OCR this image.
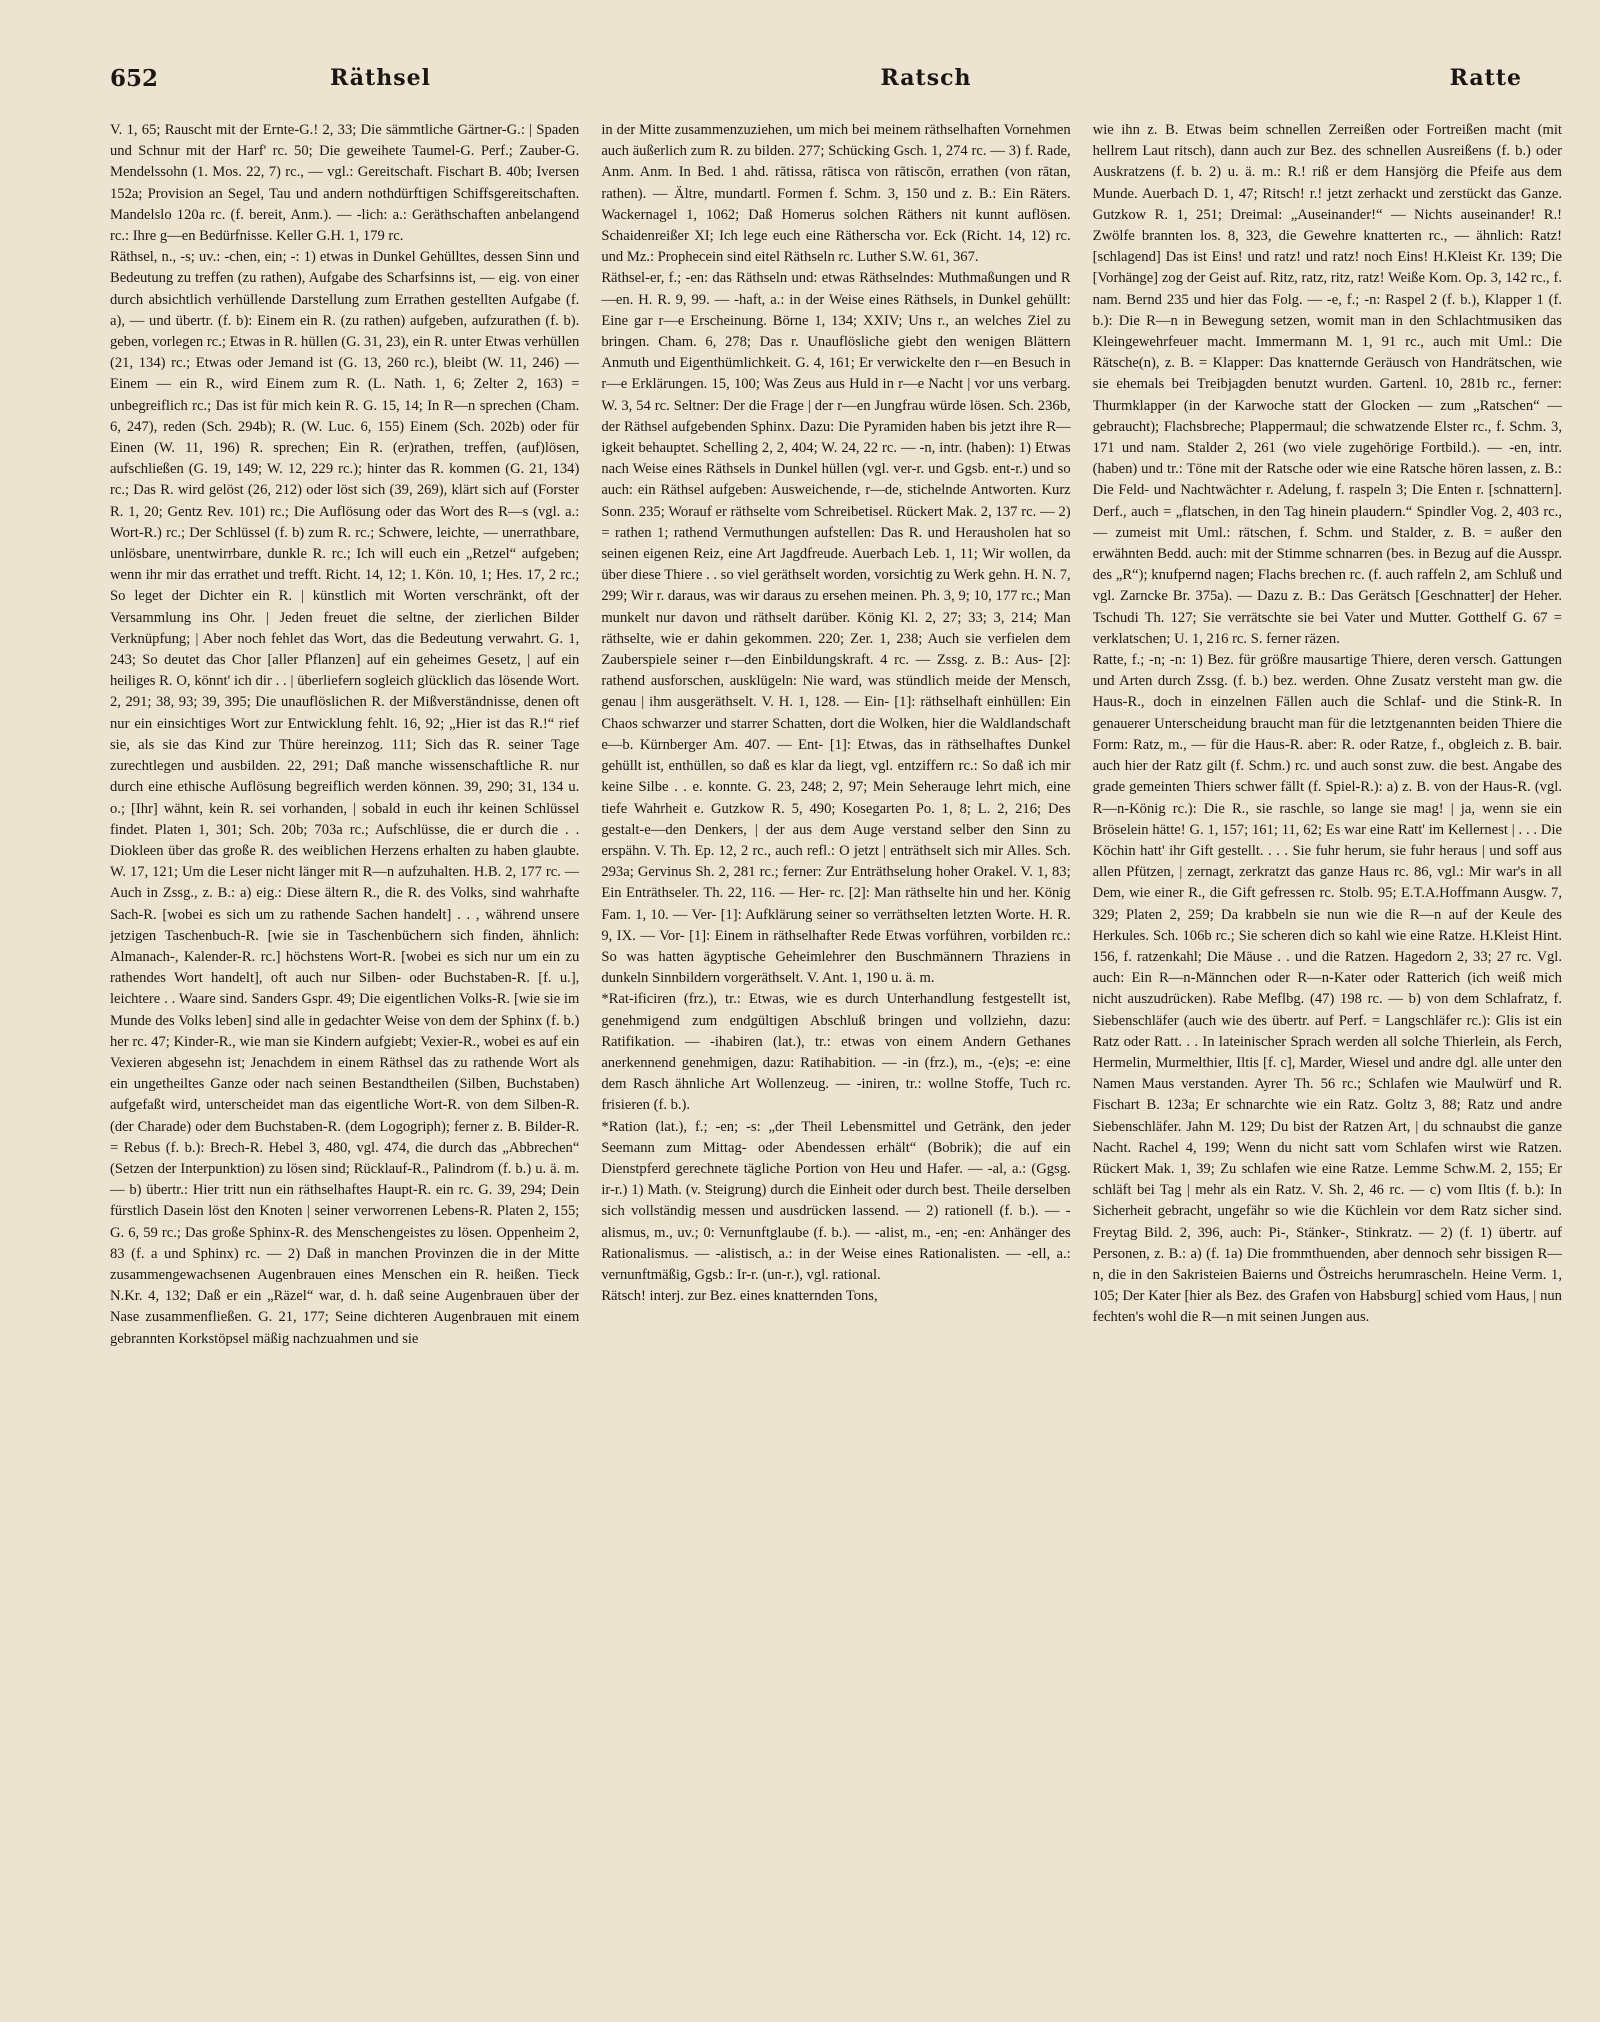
652	Räthsel	Ratsch	Ratte

V. 1, 65; Rauscht mit der Ernte-G.! 2, 33; Die sämmtliche Gärtner-G.: | Spaden und Schnur mit der Harf' rc. 50; Die geweihete Taumel-G. Perf.; Zauber-G. Mendelssohn (1. Mos. 22, 7) rc., — vgl.: Gereitschaft. Fischart B. 40b; Iversen 152a; Provision an Segel, Tau und andern nothdürftigen Schiffsgereitschaften. Mandelslo 120a rc. (f. bereit, Anm.). — -lich: a.: Geräthschaften anbelangend rc.: Ihre g—en Bedürfnisse. Keller G.H. 1, 179 rc.

Räthsel, n., -s; uv.: -chen, ein; -: 1) etwas in Dunkel Gehülltes, dessen Sinn und Bedeutung zu treffen (zu rathen), Aufgabe des Scharfsinns ist, — eig. von einer durch absichtlich verhüllende Darstellung zum Errathen gestellten Aufgabe (f. a), — und übertr. (f. b): Einem ein R. (zu rathen) aufgeben, aufzurathen (f. b). geben, vorlegen rc.; Etwas in R. hüllen (G. 31, 23), ein R. unter Etwas verhüllen (21, 134) rc.; Etwas oder Jemand ist (G. 13, 260 rc.), bleibt (W. 11, 246) — Einem — ein R., wird Einem zum R. (L. Nath. 1, 6; Zelter 2, 163) = unbegreiflich rc.; Das ist für mich kein R. G. 15, 14; In R—n sprechen (Cham. 6, 247), reden (Sch. 294b); R. (W. Luc. 6, 155) Einem (Sch. 202b) oder für Einen (W. 11, 196) R. sprechen; Ein R. (er)rathen, treffen, (auf)lösen, aufschließen (G. 19, 149; W. 12, 229 rc.); hinter das R. kommen (G. 21, 134) rc.; Das R. wird gelöst (26, 212) oder löst sich (39, 269), klärt sich auf (Forster R. 1, 20; Gentz Rev. 101) rc.; Die Auflösung oder das Wort des R—s (vgl. a.: Wort-R.) rc.; Der Schlüssel (f. b) zum R. rc.; Schwere, leichte, — unerrathbare, unlösbare, unentwirrbare, dunkle R. rc.; Ich will euch ein „Retzel“ aufgeben; wenn ihr mir das errathet und trefft. Richt. 14, 12; 1. Kön. 10, 1; Hes. 17, 2 rc.; So leget der Dichter ein R. | künstlich mit Worten verschränkt, oft der Versammlung ins Ohr. | Jeden freuet die seltne, der zierlichen Bilder Verknüpfung; | Aber noch fehlet das Wort, das die Bedeutung verwahrt. G. 1, 243; So deutet das Chor [aller Pflanzen] auf ein geheimes Gesetz, | auf ein heiliges R. O, könnt' ich dir . . | überliefern sogleich glücklich das lösende Wort. 2, 291; 38, 93; 39, 395; Die unauflöslichen R. der Mißverständnisse, denen oft nur ein einsichtiges Wort zur Entwicklung fehlt. 16, 92; „Hier ist das R.!“ rief sie, als sie das Kind zur Thüre hereinzog. 111; Sich das R. seiner Tage zurechtlegen und ausbilden. 22, 291; Daß manche wissenschaftliche R. nur durch eine ethische Auflösung begreiflich werden können. 39, 290; 31, 134 u. o.; [Ihr] wähnt, kein R. sei vorhanden, | sobald in euch ihr keinen Schlüssel findet. Platen 1, 301; Sch. 20b; 703a rc.; Aufschlüsse, die er durch die . . Diokleen über das große R. des weiblichen Herzens erhalten zu haben glaubte. W. 17, 121; Um die Leser nicht länger mit R—n aufzuhalten. H.B. 2, 177 rc. — Auch in Zssg., z. B.: a) eig.: Diese ältern R., die R. des Volks, sind wahrhafte Sach-R. [wobei es sich um zu rathende Sachen handelt] . . , während unsere jetzigen Taschenbuch-R. [wie sie in Taschenbüchern sich finden, ähnlich: Almanach-, Kalender-R. rc.] höchstens Wort-R. [wobei es sich nur um ein zu rathendes Wort handelt], oft auch nur Silben- oder Buchstaben-R. [f. u.], leichtere . . Waare sind. Sanders Gspr. 49; Die eigentlichen Volks-R. [wie sie im Munde des Volks leben] sind alle in gedachter Weise von dem der Sphinx (f. b.) her rc. 47; Kinder-R., wie man sie Kindern aufgiebt; Vexier-R., wobei es auf ein Vexieren abgesehn ist; Jenachdem in einem Räthsel das zu rathende Wort als ein ungetheiltes Ganze oder nach seinen Bestandtheilen (Silben, Buchstaben) aufgefaßt wird, unterscheidet man das eigentliche Wort-R. von dem Silben-R. (der Charade) oder dem Buchstaben-R. (dem Logogriph); ferner z. B. Bilder-R. = Rebus (f. b.): Brech-R. Hebel 3, 480, vgl. 474, die durch das „Abbrechen“ (Setzen der Interpunktion) zu lösen sind; Rücklauf-R., Palindrom (f. b.) u. ä. m. — b) übertr.: Hier tritt nun ein räthselhaftes Haupt-R. ein rc. G. 39, 294; Dein fürstlich Dasein löst den Knoten | seiner verworrenen Lebens-R. Platen 2, 155; G. 6, 59 rc.; Das große Sphinx-R. des Menschengeistes zu lösen. Oppenheim 2, 83 (f. a und Sphinx) rc. — 2) Daß in manchen Provinzen die in der Mitte zusammengewachsenen Augenbrauen eines Menschen ein R. heißen. Tieck N.Kr. 4, 132; Daß er ein „Räzel“ war, d. h. daß seine Augenbrauen über der Nase zusammenfließen. G. 21, 177; Seine dichteren Augenbrauen mit einem gebrannten Korkstöpsel mäßig nachzuahmen und sie

in der Mitte zusammenzuziehen, um mich bei meinem räthselhaften Vornehmen auch äußerlich zum R. zu bilden. 277; Schücking Gsch. 1, 274 rc. — 3) f. Rade, Anm. Anm. In Bed. 1 ahd. rātissa, rātisca von rātiscōn, errathen (von rātan, rathen). — Ältre, mundartl. Formen f. Schm. 3, 150 und z. B.: Ein Räters. Wackernagel 1, 1062; Daß Homerus solchen Räthers nit kunnt auflösen. Schaidenreißer XI; Ich lege euch eine Rätherscha vor. Eck (Richt. 14, 12) rc. und Mz.: Prophecein sind eitel Räthseln rc. Luther S.W. 61, 367.

Räthsel-er, f.; -en: das Räthseln und: etwas Räthselndes: Muthmaßungen und R—en. H. R. 9, 99. — -haft, a.: in der Weise eines Räthsels, in Dunkel gehüllt: Eine gar r—e Erscheinung. Börne 1, 134; XXIV; Uns r., an welches Ziel zu bringen. Cham. 6, 278; Das r. Unauflösliche giebt den wenigen Blättern Anmuth und Eigenthümlichkeit. G. 4, 161; Er verwickelte den r—en Besuch in r—e Erklärungen. 15, 100; Was Zeus aus Huld in r—e Nacht | vor uns verbarg. W. 3, 54 rc. Seltner: Der die Frage | der r—en Jungfrau würde lösen. Sch. 236b, der Räthsel aufgebenden Sphinx. Dazu: Die Pyramiden haben bis jetzt ihre R—igkeit behauptet. Schelling 2, 2, 404; W. 24, 22 rc. — -n, intr. (haben): 1) Etwas nach Weise eines Räthsels in Dunkel hüllen (vgl. ver-r. und Ggsb. ent-r.) und so auch: ein Räthsel aufgeben: Ausweichende, r—de, stichelnde Antworten. Kurz Sonn. 235; Worauf er räthselte vom Schreibetisel. Rückert Mak. 2, 137 rc. — 2) = rathen 1; rathend Vermuthungen aufstellen: Das R. und Herausholen hat so seinen eigenen Reiz, eine Art Jagdfreude. Auerbach Leb. 1, 11; Wir wollen, da über diese Thiere . . so viel geräthselt worden, vorsichtig zu Werk gehn. H. N. 7, 299; Wir r. daraus, was wir daraus zu ersehen meinen. Ph. 3, 9; 10, 177 rc.; Man munkelt nur davon und räthselt darüber. König Kl. 2, 27; 33; 3, 214; Man räthselte, wie er dahin gekommen. 220; Zer. 1, 238; Auch sie verfielen dem Zauberspiele seiner r—den Einbildungskraft. 4 rc. — Zssg. z. B.: Aus- [2]: rathend ausforschen, ausklügeln: Nie ward, was stündlich meide der Mensch, genau | ihm ausgeräthselt. V. H. 1, 128. — Ein- [1]: räthselhaft einhüllen: Ein Chaos schwarzer und starrer Schatten, dort die Wolken, hier die Waldlandschaft e—b. Kürnberger Am. 407. — Ent- [1]: Etwas, das in räthselhaftes Dunkel gehüllt ist, enthüllen, so daß es klar da liegt, vgl. entziffern rc.: So daß ich mir keine Silbe . . e. konnte. G. 23, 248; 2, 97; Mein Seherauge lehrt mich, eine tiefe Wahrheit e. Gutzkow R. 5, 490; Kosegarten Po. 1, 8; L. 2, 216; Des gestalt-e—den Denkers, | der aus dem Auge verstand selber den Sinn zu erspähn. V. Th. Ep. 12, 2 rc., auch refl.: O jetzt | enträthselt sich mir Alles. Sch. 293a; Gervinus Sh. 2, 281 rc.; ferner: Zur Enträthselung hoher Orakel. V. 1, 83; Ein Enträthseler. Th. 22, 116. — Her- rc. [2]: Man räthselte hin und her. König Fam. 1, 10. — Ver- [1]: Aufklärung seiner so verräthselten letzten Worte. H. R. 9, IX. — Vor- [1]: Einem in räthselhafter Rede Etwas vorführen, vorbilden rc.: So was hatten ägyptische Geheimlehrer den Buschmännern Thraziens in dunkeln Sinnbildern vorgeräthselt. V. Ant. 1, 190 u. ä. m.

*Rat-ificiren (frz.), tr.: Etwas, wie es durch Unterhandlung festgestellt ist, genehmigend zum endgültigen Abschluß bringen und vollziehn, dazu: Ratifikation. — -ihabiren (lat.), tr.: etwas von einem Andern Gethanes anerkennend genehmigen, dazu: Ratihabition. — -in (frz.), m., -(e)s; -e: eine dem Rasch ähnliche Art Wollenzeug. — -iniren, tr.: wollne Stoffe, Tuch rc. frisieren (f. b.).

*Ration (lat.), f.; -en; -s: „der Theil Lebensmittel und Getränk, den jeder Seemann zum Mittag- oder Abendessen erhält“ (Bobrik); die auf ein Dienstpferd gerechnete tägliche Portion von Heu und Hafer. — -al, a.: (Ggsg. ir-r.) 1) Math. (v. Steigrung) durch die Einheit oder durch best. Theile derselben sich vollständig messen und ausdrücken lassend. — 2) rationell (f. b.). — -alismus, m., uv.; 0: Vernunftglaube (f. b.). — -alist, m., -en; -en: Anhänger des Rationalismus. — -alistisch, a.: in der Weise eines Rationalisten. — -ell, a.: vernunftmäßig, Ggsb.: Ir-r. (un-r.), vgl. rational.

Rätsch! interj. zur Bez. eines knatternden Tons,

wie ihn z. B. Etwas beim schnellen Zerreißen oder Fortreißen macht (mit hellrem Laut ritsch), dann auch zur Bez. des schnellen Ausreißens (f. b.) oder Auskratzens (f. b. 2) u. ä. m.: R.! riß er dem Hansjörg die Pfeife aus dem Munde. Auerbach D. 1, 47; Ritsch! r.! jetzt zerhackt und zerstückt das Ganze. Gutzkow R. 1, 251; Dreimal: „Auseinander!“ — Nichts auseinander! R.! Zwölfe brannten los. 8, 323, die Gewehre knatterten rc., — ähnlich: Ratz! [schlagend] Das ist Eins! und ratz! und ratz! noch Eins! H.Kleist Kr. 139; Die [Vorhänge] zog der Geist auf. Ritz, ratz, ritz, ratz! Weiße Kom. Op. 3, 142 rc., f. nam. Bernd 235 und hier das Folg. — -e, f.; -n: Raspel 2 (f. b.), Klapper 1 (f. b.): Die R—n in Bewegung setzen, womit man in den Schlachtmusiken das Kleingewehrfeuer macht. Immermann M. 1, 91 rc., auch mit Uml.: Die Rätsche(n), z. B. = Klapper: Das knatternde Geräusch von Handrätschen, wie sie ehemals bei Treibjagden benutzt wurden. Gartenl. 10, 281b rc., ferner: Thurmklapper (in der Karwoche statt der Glocken — zum „Ratschen“ — gebraucht); Flachsbreche; Plappermaul; die schwatzende Elster rc., f. Schm. 3, 171 und nam. Stalder 2, 261 (wo viele zugehörige Fortbild.). — -en, intr. (haben) und tr.: Töne mit der Ratsche oder wie eine Ratsche hören lassen, z. B.: Die Feld- und Nachtwächter r. Adelung, f. raspeln 3; Die Enten r. [schnattern]. Derf., auch = „flatschen, in den Tag hinein plaudern.“ Spindler Vog. 2, 403 rc., — zumeist mit Uml.: rätschen, f. Schm. und Stalder, z. B. = außer den erwähnten Bedd. auch: mit der Stimme schnarren (bes. in Bezug auf die Ausspr. des „R“); knufpernd nagen; Flachs brechen rc. (f. auch raffeln 2, am Schluß und vgl. Zarncke Br. 375a). — Dazu z. B.: Das Gerätsch [Geschnatter] der Heher. Tschudi Th. 127; Sie verrätschte sie bei Vater und Mutter. Gotthelf G. 67 = verklatschen; U. 1, 216 rc. S. ferner räzen.

Ratte, f.; -n; -n: 1) Bez. für größre mausartige Thiere, deren versch. Gattungen und Arten durch Zssg. (f. b.) bez. werden. Ohne Zusatz versteht man gw. die Haus-R., doch in einzelnen Fällen auch die Schlaf- und die Stink-R. In genauerer Unterscheidung braucht man für die letztgenannten beiden Thiere die Form: Ratz, m., — für die Haus-R. aber: R. oder Ratze, f., obgleich z. B. bair. auch hier der Ratz gilt (f. Schm.) rc. und auch sonst zuw. die best. Angabe des grade gemeinten Thiers schwer fällt (f. Spiel-R.): a) z. B. von der Haus-R. (vgl. R—n-König rc.): Die R., sie raschle, so lange sie mag! | ja, wenn sie ein Bröselein hätte! G. 1, 157; 161; 11, 62; Es war eine Ratt' im Kellernest | . . . Die Köchin hatt' ihr Gift gestellt. . . . Sie fuhr herum, sie fuhr heraus | und soff aus allen Pfützen, | zernagt, zerkratzt das ganze Haus rc. 86, vgl.: Mir war's in all Dem, wie einer R., die Gift gefressen rc. Stolb. 95; E.T.A.Hoffmann Ausgw. 7, 329; Platen 2, 259; Da krabbeln sie nun wie die R—n auf der Keule des Herkules. Sch. 106b rc.; Sie scheren dich so kahl wie eine Ratze. H.Kleist Hint. 156, f. ratzenkahl; Die Mäuse . . und die Ratzen. Hagedorn 2, 33; 27 rc. Vgl. auch: Ein R—n-Männchen oder R—n-Kater oder Ratterich (ich weiß mich nicht auszudrücken). Rabe Meflbg. (47) 198 rc. — b) von dem Schlafratz, f. Siebenschläfer (auch wie des übertr. auf Perf. = Langschläfer rc.): Glis ist ein Ratz oder Ratt. . . In lateinischer Sprach werden all solche Thierlein, als Ferch, Hermelin, Murmelthier, Iltis [f. c], Marder, Wiesel und andre dgl. alle unter den Namen Maus verstanden. Ayrer Th. 56 rc.; Schlafen wie Maulwürf und R. Fischart B. 123a; Er schnarchte wie ein Ratz. Goltz 3, 88; Ratz und andre Siebenschläfer. Jahn M. 129; Du bist der Ratzen Art, | du schnaubst die ganze Nacht. Rachel 4, 199; Wenn du nicht satt vom Schlafen wirst wie Ratzen. Rückert Mak. 1, 39; Zu schlafen wie eine Ratze. Lemme Schw.M. 2, 155; Er schläft bei Tag | mehr als ein Ratz. V. Sh. 2, 46 rc. — c) vom Iltis (f. b.): In Sicherheit gebracht, ungefähr so wie die Küchlein vor dem Ratz sicher sind. Freytag Bild. 2, 396, auch: Pi-, Stänker-, Stinkratz. — 2) (f. 1) übertr. auf Personen, z. B.: a) (f. 1a) Die frommthuenden, aber dennoch sehr bissigen R—n, die in den Sakristeien Baierns und Östreichs herumrascheln. Heine Verm. 1, 105; Der Kater [hier als Bez. des Grafen von Habsburg] schied vom Haus, | nun fechten's wohl die R—n mit seinen Jungen aus.
